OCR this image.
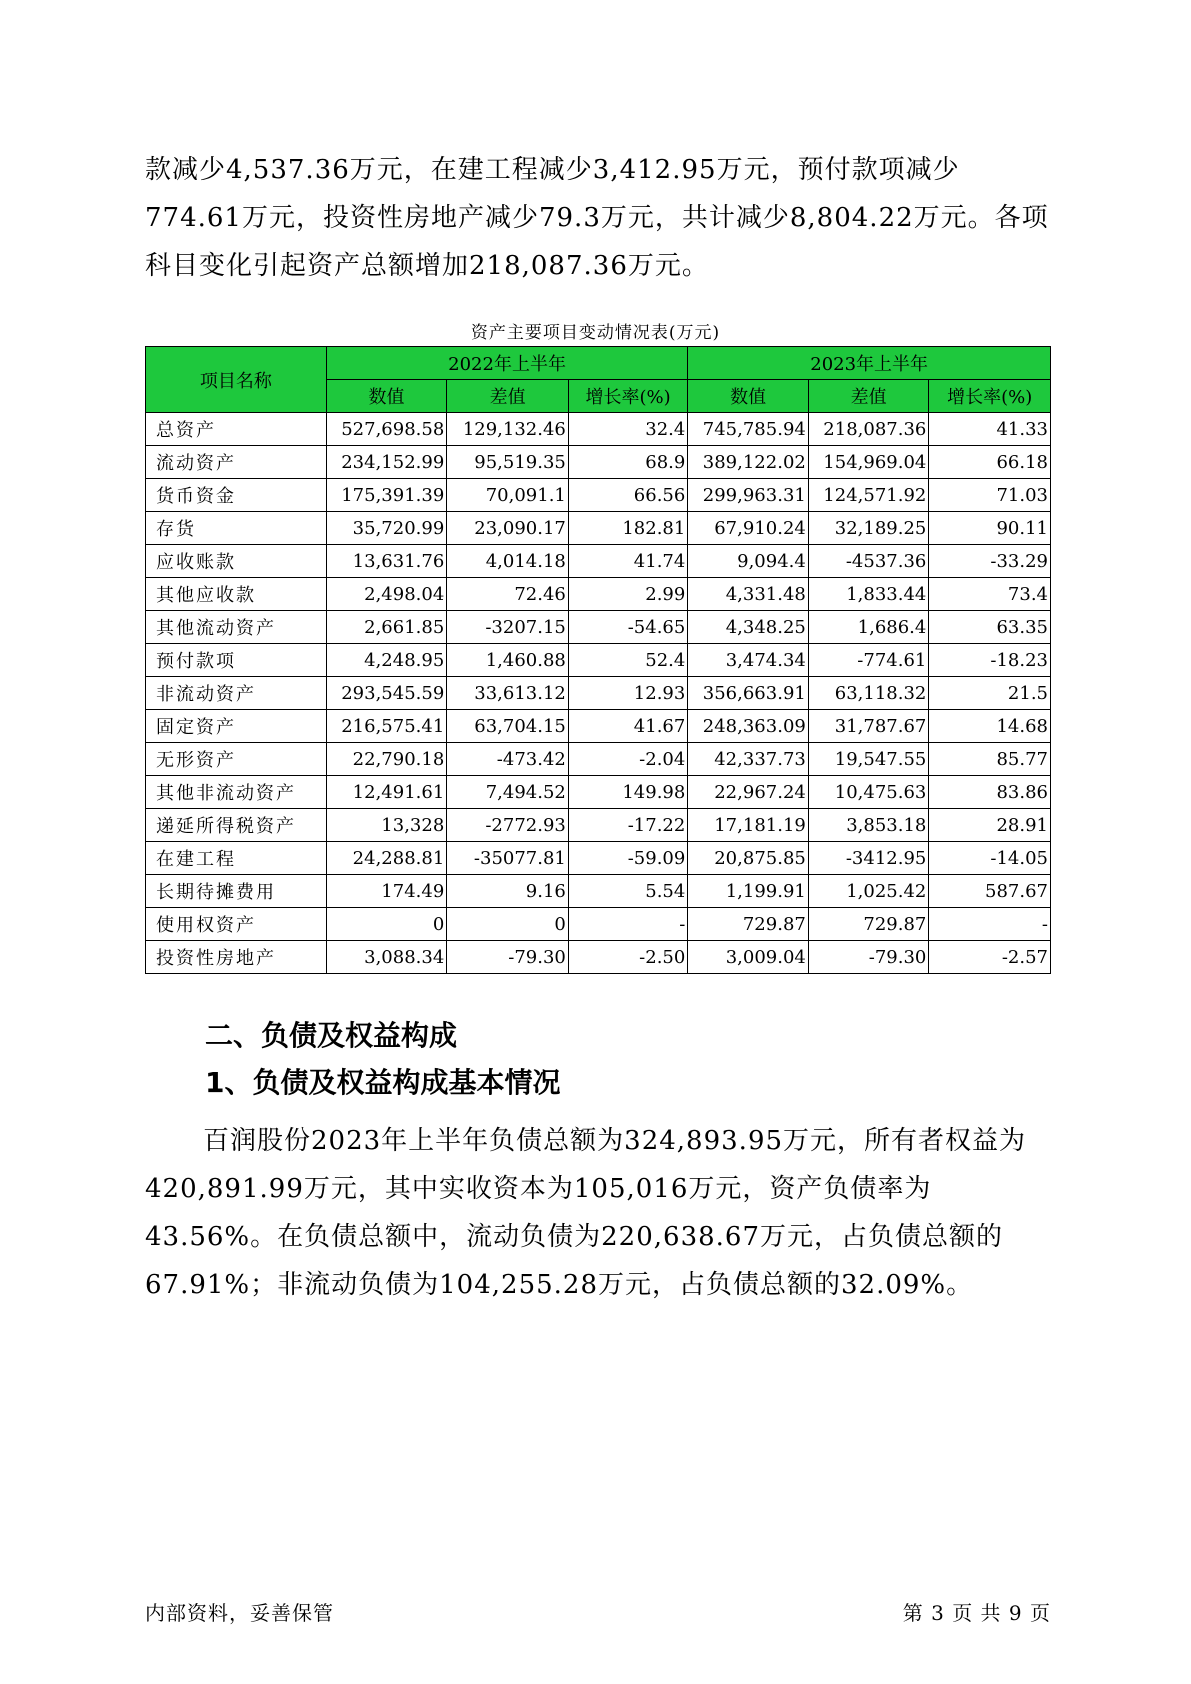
款减少4,537.36万元，在建工程减少3,412.95万元，预付款项减少774.61万元，投资性房地产减少79.3万元，共计减少8,804.22万元。各项科目变化引起资产总额增加218,087.36万元。

资产主要项目变动情况表(万元)
项目名称	2022年上半年			2023年上半年		
	数值	差值	增长率(%)	数值	差值	增长率(%)
总资产	527,698.58	129,132.46	32.4	745,785.94	218,087.36	41.33
流动资产	234,152.99	95,519.35	68.9	389,122.02	154,969.04	66.18
货币资金	175,391.39	70,091.1	66.56	299,963.31	124,571.92	71.03
存货	35,720.99	23,090.17	182.81	67,910.24	32,189.25	90.11
应收账款	13,631.76	4,014.18	41.74	9,094.4	-4537.36	-33.29
其他应收款	2,498.04	72.46	2.99	4,331.48	1,833.44	73.4
其他流动资产	2,661.85	-3207.15	-54.65	4,348.25	1,686.4	63.35
预付款项	4,248.95	1,460.88	52.4	3,474.34	-774.61	-18.23
非流动资产	293,545.59	33,613.12	12.93	356,663.91	63,118.32	21.5
固定资产	216,575.41	63,704.15	41.67	248,363.09	31,787.67	14.68
无形资产	22,790.18	-473.42	-2.04	42,337.73	19,547.55	85.77
其他非流动资产	12,491.61	7,494.52	149.98	22,967.24	10,475.63	83.86
递延所得税资产	13,328	-2772.93	-17.22	17,181.19	3,853.18	28.91
在建工程	24,288.81	-35077.81	-59.09	20,875.85	-3412.95	-14.05
长期待摊费用	174.49	9.16	5.54	1,199.91	1,025.42	587.67
使用权资产	0	0	-	729.87	729.87	-
投资性房地产	3,088.34	-79.30	-2.50	3,009.04	-79.30	-2.57
二、负债及权益构成
1、负债及权益构成基本情况

百润股份2023年上半年负债总额为324,893.95万元，所有者权益为420,891.99万元，其中实收资本为105,016万元，资产负债率为43.56%。在负债总额中，流动负债为220,638.67万元，占负债总额的67.91%；非流动负债为104,255.28万元，占负债总额的32.09%。

内部资料，妥善保管	第 3 页 共 9 页
